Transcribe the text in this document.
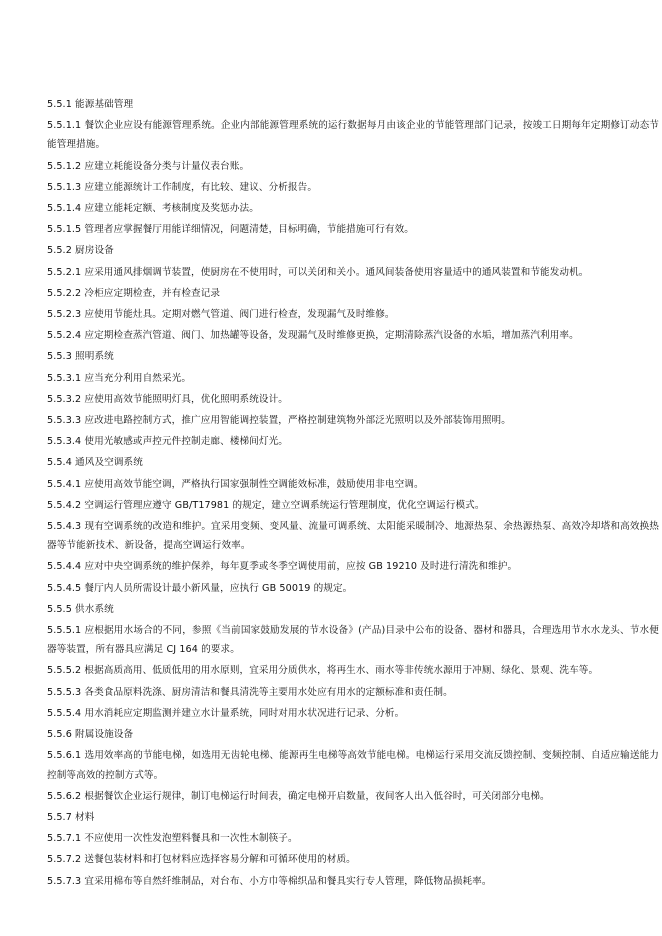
5.5.1 能源基础管理
5.5.1.1 餐饮企业应设有能源管理系统。企业内部能源管理系统的运行数据每月由该企业的节能管理部门记录，按竣工日期每年定期修订动态节能管理措施。
5.5.1.2 应建立耗能设备分类与计量仪表台账。
5.5.1.3 应建立能源统计工作制度，有比较、建议、分析报告。
5.5.1.4 应建立能耗定额、考核制度及奖惩办法。
5.5.1.5 管理者应掌握餐厅用能详细情况，问题清楚，目标明确，节能措施可行有效。
5.5.2 厨房设备
5.5.2.1 应采用通风排烟调节装置，使厨房在不使用时，可以关闭和关小。通风间装备使用容量适中的通风装置和节能发动机。
5.5.2.2 冷柜应定期检查，并有检查记录
5.5.2.3 应使用节能灶具。定期对燃气管道、阀门进行检查，发现漏气及时维修。
5.5.2.4 应定期检查蒸汽管道、阀门、加热罐等设备，发现漏气及时维修更换，定期清除蒸汽设备的水垢，增加蒸汽利用率。
5.5.3 照明系统
5.5.3.1 应当充分利用自然采光。
5.5.3.2 应使用高效节能照明灯具，优化照明系统设计。
5.5.3.3 应改进电路控制方式，推广应用智能调控装置，严格控制建筑物外部泛光照明以及外部装饰用照明。
5.5.3.4 使用光敏感或声控元件控制走廊、楼梯间灯光。
5.5.4 通风及空调系统
5.5.4.1 应使用高效节能空调，严格执行国家强制性空调能效标准，鼓励使用非电空调。
5.5.4.2 空调运行管理应遵守 GB/T17981 的规定，建立空调系统运行管理制度，优化空调运行模式。
5.5.4.3 现有空调系统的改造和维护。宜采用变频、变风量、流量可调系统、太阳能采暖制冷、地源热泵、余热源热泵、高效冷却塔和高效换热器等节能新技术、新设备，提高空调运行效率。
5.5.4.4 应对中央空调系统的维护保养，每年夏季或冬季空调使用前，应按 GB 19210 及时进行清洗和维护。
5.5.4.5 餐厅内人员所需设计最小新风量，应执行 GB 50019 的规定。
5.5.5 供水系统
5.5.5.1 应根据用水场合的不同，参照《当前国家鼓励发展的节水设备》(产品)目录中公布的设备、器材和器具，合理选用节水水龙头、节水便器等装置，所有器具应满足 CJ 164 的要求。
5.5.5.2 根据高质高用、低质低用的用水原则，宜采用分质供水，将再生水、雨水等非传统水源用于冲厕、绿化、景观、洗车等。
5.5.5.3 各类食品原料洗涤、厨房清洁和餐具清洗等主要用水处应有用水的定额标准和责任制。
5.5.5.4 用水消耗应定期监测并建立水计量系统，同时对用水状况进行记录、分析。
5.5.6 附属设施设备
5.5.6.1 选用效率高的节能电梯，如选用无齿轮电梯、能源再生电梯等高效节能电梯。电梯运行采用交流反馈控制、变频控制、自适应输送能力控制等高效的控制方式等。
5.5.6.2 根据餐饮企业运行规律，制订电梯运行时间表，确定电梯开启数量，夜间客人出入低谷时，可关闭部分电梯。
5.5.7 材料
5.5.7.1 不应使用一次性发泡塑料餐具和一次性木制筷子。
5.5.7.2 送餐包装材料和打包材料应选择容易分解和可循环使用的材质。
5.5.7.3 宜采用棉布等自然纤维制品，对台布、小方巾等棉织品和餐具实行专人管理，降低物品损耗率。
